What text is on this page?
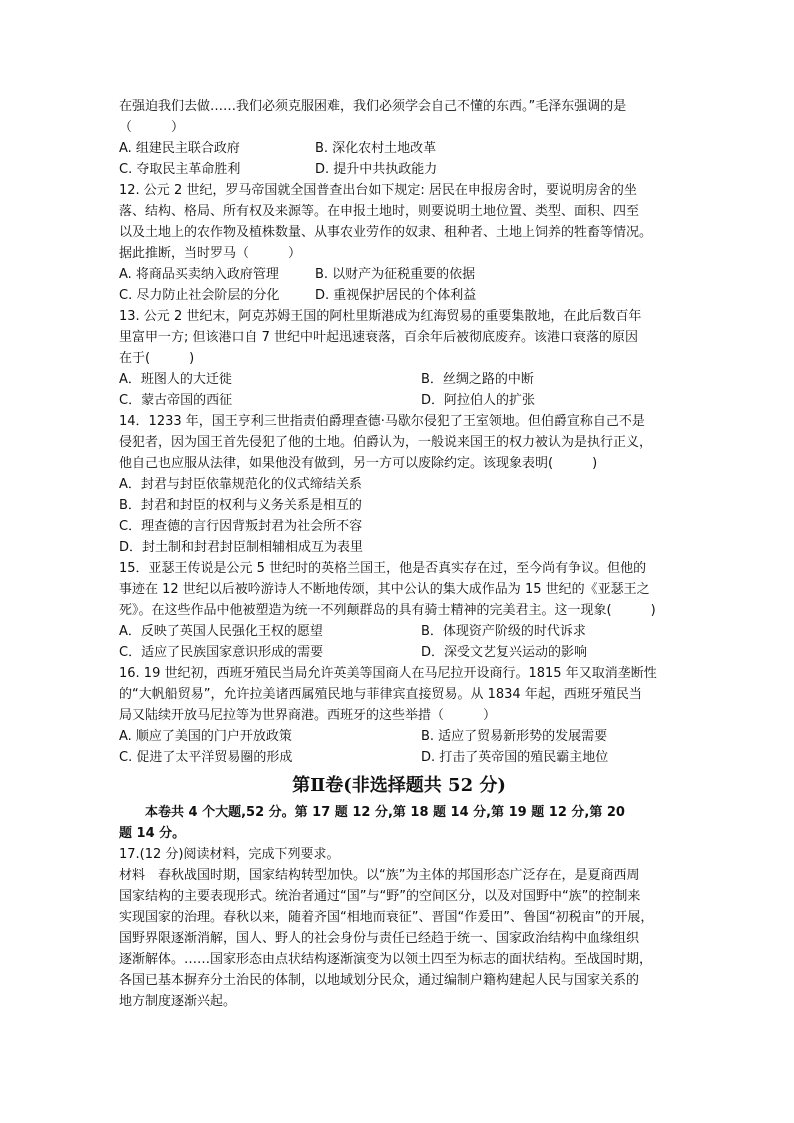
在强迫我们去做……我们必须克服困难，我们必须学会自己不懂的东西。”毛泽东强调的是
（　　　）
A. 组建民主联合政府	B. 深化农村土地改革
C. 夺取民主革命胜利	D. 提升中共执政能力
12. 公元 2 世纪，罗马帝国就全国普查出台如下规定: 居民在申报房舍时，要说明房舍的坐
落、结构、格局、所有权及来源等。在申报土地时，则要说明土地位置、类型、面积、四至
以及土地上的农作物及植株数量、从事农业劳作的奴隶、租种者、土地上饲养的牲畜等情况。
据此推断，当时罗马（　　　）
A. 将商品买卖纳入政府管理	B. 以财产为征税重要的依据
C. 尽力防止社会阶层的分化	D. 重视保护居民的个体利益
13. 公元 2 世纪末，阿克苏姆王国的阿杜里斯港成为红海贸易的重要集散地，在此后数百年
里富甲一方; 但该港口自 7 世纪中叶起迅速衰落，百余年后被彻底废弃。该港口衰落的原因
在于(　　　)
A．班图人的大迁徙	B．丝绸之路的中断
C．蒙古帝国的西征	D．阿拉伯人的扩张
14．1233 年，国王亨利三世指责伯爵理查德·马歇尔侵犯了王室领地。但伯爵宣称自己不是
侵犯者，因为国王首先侵犯了他的土地。伯爵认为，一般说来国王的权力被认为是执行正义，
他自己也应服从法律，如果他没有做到，另一方可以废除约定。该现象表明(　　　)
A．封君与封臣依靠规范化的仪式缔结关系
B．封君和封臣的权利与义务关系是相互的
C．理查德的言行因背叛封君为社会所不容
D．封土制和封君封臣制相辅相成互为表里
15．亚瑟王传说是公元 5 世纪时的英格兰国王，他是否真实存在过，至今尚有争议。但他的
事迹在 12 世纪以后被吟游诗人不断地传颂，其中公认的集大成作品为 15 世纪的《亚瑟王之
死》。在这些作品中他被塑造为统一不列颠群岛的具有骑士精神的完美君主。这一现象(　　　)
A．反映了英国人民强化王权的愿望	B．体现资产阶级的时代诉求
C．适应了民族国家意识形成的需要	D．深受文艺复兴运动的影响
16. 19 世纪初，西班牙殖民当局允许英美等国商人在马尼拉开设商行。1815 年又取消垄断性
的“大帆船贸易”，允许拉美诸西属殖民地与菲律宾直接贸易。从 1834 年起，西班牙殖民当
局又陆续开放马尼拉等为世界商港。西班牙的这些举措（　　　）
A. 顺应了美国的门户开放政策	B. 适应了贸易新形势的发展需要
C. 促进了太平洋贸易圈的形成	D. 打击了英帝国的殖民霸主地位
第Ⅱ卷(非选择题共 52 分)
　　本卷共 4 个大题,52 分。第 17 题 12 分,第 18 题 14 分,第 19 题 12 分,第 20
题 14 分。
17.(12 分)阅读材料，完成下列要求。
材料　春秋战国时期，国家结构转型加快。以“族”为主体的邦国形态广泛存在，是夏商西周
国家结构的主要表现形式。统治者通过“国”与“野”的空间区分，以及对国野中“族”的控制来
实现国家的治理。春秋以来，随着齐国“相地而衰征”、晋国“作爰田”、鲁国“初税亩”的开展，
国野界限逐渐消解，国人、野人的社会身份与责任已经趋于统一、国家政治结构中血缘组织
逐渐解体。……国家形态由点状结构逐渐演变为以领土四至为标志的面状结构。至战国时期，
各国已基本摒弃分土治民的体制，以地域划分民众，通过编制户籍构建起人民与国家关系的
地方制度逐渐兴起。
